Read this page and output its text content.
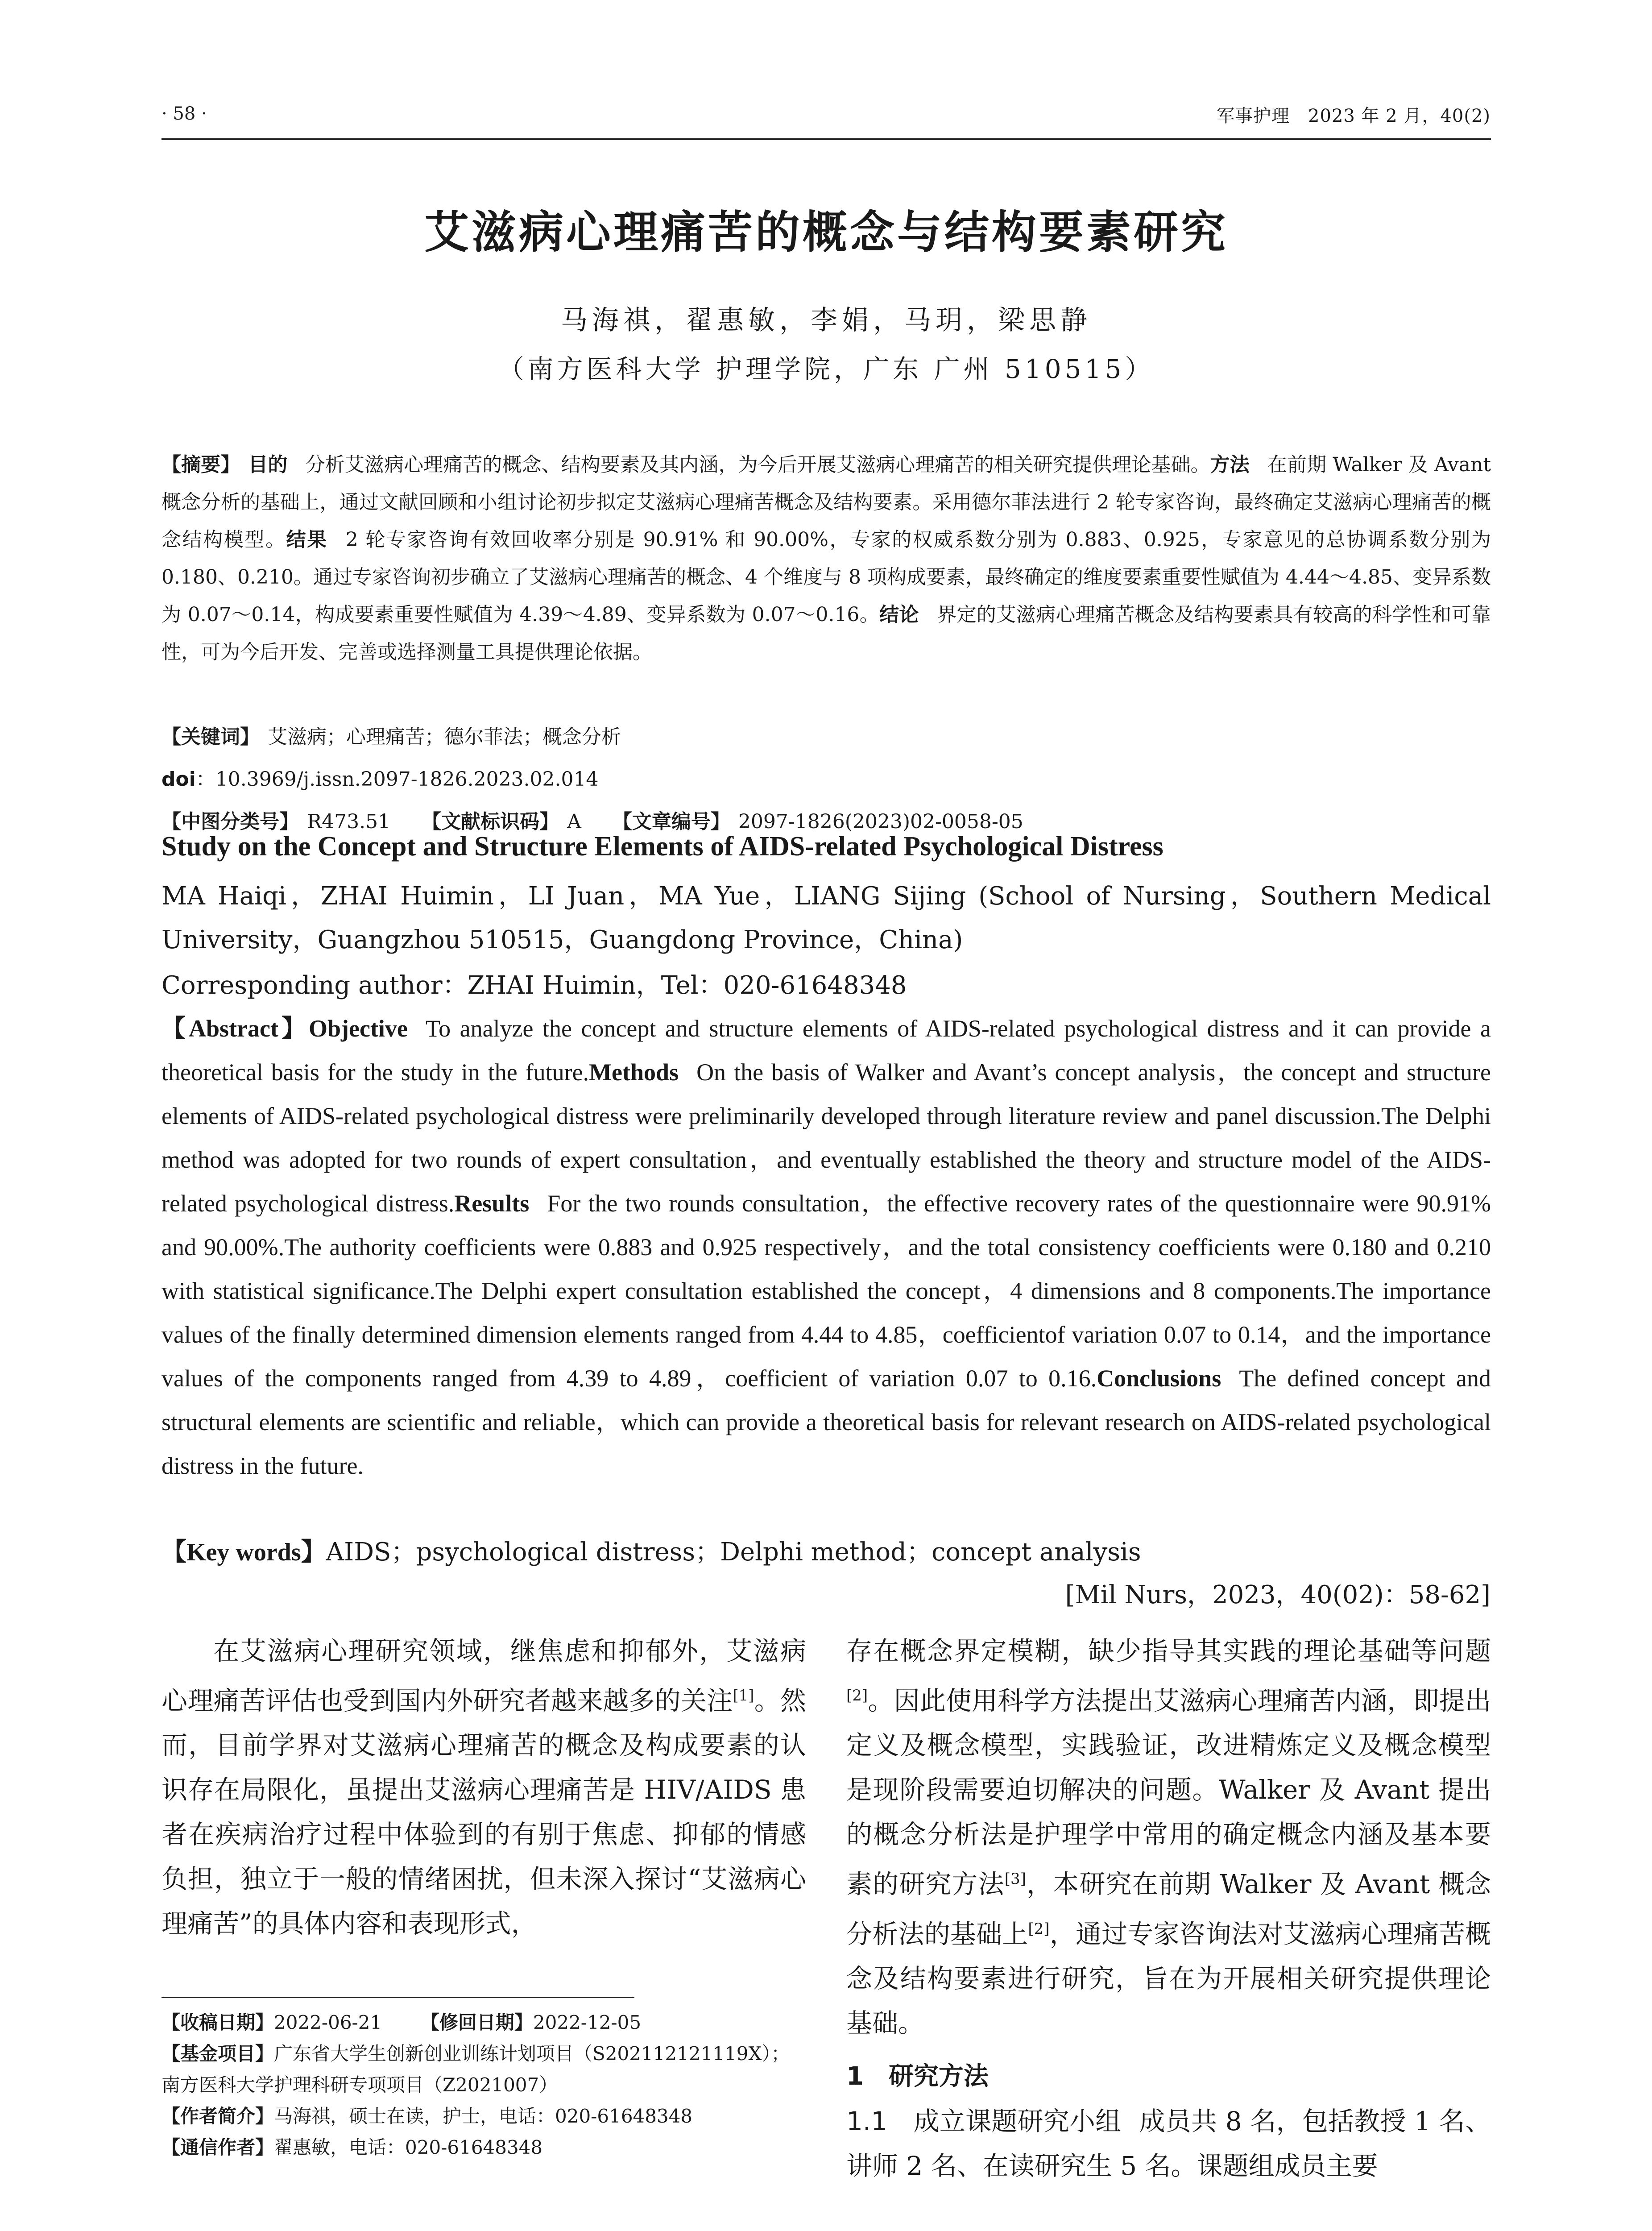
· 58 ·	军事护理　2023 年 2 月，40(2)
艾滋病心理痛苦的概念与结构要素研究
马海祺，翟惠敏，李娟，马玥，梁思静
（南方医科大学 护理学院，广东 广州 510515）
【摘要】 目的 分析艾滋病心理痛苦的概念、结构要素及其内涵，为今后开展艾滋病心理痛苦的相关研究提供理论基础。方法 在前期 Walker 及 Avant 概念分析的基础上，通过文献回顾和小组讨论初步拟定艾滋病心理痛苦概念及结构要素。采用德尔菲法进行 2 轮专家咨询，最终确定艾滋病心理痛苦的概念结构模型。结果 2 轮专家咨询有效回收率分别是 90.91% 和 90.00%，专家的权威系数分别为 0.883、0.925，专家意见的总协调系数分别为 0.180、0.210。通过专家咨询初步确立了艾滋病心理痛苦的概念、4 个维度与 8 项构成要素，最终确定的维度要素重要性赋值为 4.44～4.85、变异系数为 0.07～0.14，构成要素重要性赋值为 4.39～4.89、变异系数为 0.07～0.16。结论 界定的艾滋病心理痛苦概念及结构要素具有较高的科学性和可靠性，可为今后开发、完善或选择测量工具提供理论依据。
【关键词】 艾滋病；心理痛苦；德尔菲法；概念分析
doi：10.3969/j.issn.2097-1826.2023.02.014
【中图分类号】 R473.51 【文献标识码】 A 【文章编号】 2097-1826(2023)02-0058-05
Study on the Concept and Structure Elements of AIDS-related Psychological Distress
MA Haiqi，ZHAI Huimin，LI Juan，MA Yue，LIANG Sijing (School of Nursing，Southern Medical University，Guangzhou 510515，Guangdong Province，China)
Corresponding author：ZHAI Huimin，Tel：020-61648348
【Abstract】Objective To analyze the concept and structure elements of AIDS-related psychological distress and it can provide a theoretical basis for the study in the future.Methods On the basis of Walker and Avant’s concept analysis，the concept and structure elements of AIDS-related psychological distress were preliminarily developed through literature review and panel discussion.The Delphi method was adopted for two rounds of expert consultation，and eventually established the theory and structure model of the AIDS-related psychological distress.Results For the two rounds consultation，the effective recovery rates of the questionnaire were 90.91% and 90.00%.The authority coefficients were 0.883 and 0.925 respectively，and the total consistency coefficients were 0.180 and 0.210 with statistical significance.The Delphi expert consultation established the concept，4 dimensions and 8 components.The importance values of the finally determined dimension elements ranged from 4.44 to 4.85，coefficientof variation 0.07 to 0.14，and the importance values of the components ranged from 4.39 to 4.89，coefficient of variation 0.07 to 0.16.Conclusions The defined concept and structural elements are scientific and reliable，which can provide a theoretical basis for relevant research on AIDS-related psychological distress in the future.
【Key words】AIDS；psychological distress；Delphi method；concept analysis
[Mil Nurs，2023，40(02)：58-62]

在艾滋病心理研究领域，继焦虑和抑郁外，艾滋病心理痛苦评估也受到国内外研究者越来越多的关注[1]。然而，目前学界对艾滋病心理痛苦的概念及构成要素的认识存在局限化，虽提出艾滋病心理痛苦是 HIV/AIDS 患者在疾病治疗过程中体验到的有别于焦虑、抑郁的情感负担，独立于一般的情绪困扰，但未深入探讨“艾滋病心理痛苦”的具体内容和表现形式，

【收稿日期】2022-06-21 【修回日期】2022-12-05
【基金项目】广东省大学生创新创业训练计划项目（S202112121119X）；南方医科大学护理科研专项项目（Z2021007）
【作者简介】马海祺，硕士在读，护士，电话：020-61648348
【通信作者】翟惠敏，电话：020-61648348

存在概念界定模糊，缺少指导其实践的理论基础等问题[2]。因此使用科学方法提出艾滋病心理痛苦内涵，即提出定义及概念模型，实践验证，改进精炼定义及概念模型是现阶段需要迫切解决的问题。Walker 及 Avant 提出的概念分析法是护理学中常用的确定概念内涵及基本要素的研究方法[3]，本研究在前期 Walker 及 Avant 概念分析法的基础上[2]，通过专家咨询法对艾滋病心理痛苦概念及结构要素进行研究，旨在为开展相关研究提供理论基础。

1　研究方法

1.1　成立课题研究小组 成员共 8 名，包括教授 1 名、讲师 2 名、在读研究生 5 名。课题组成员主要
